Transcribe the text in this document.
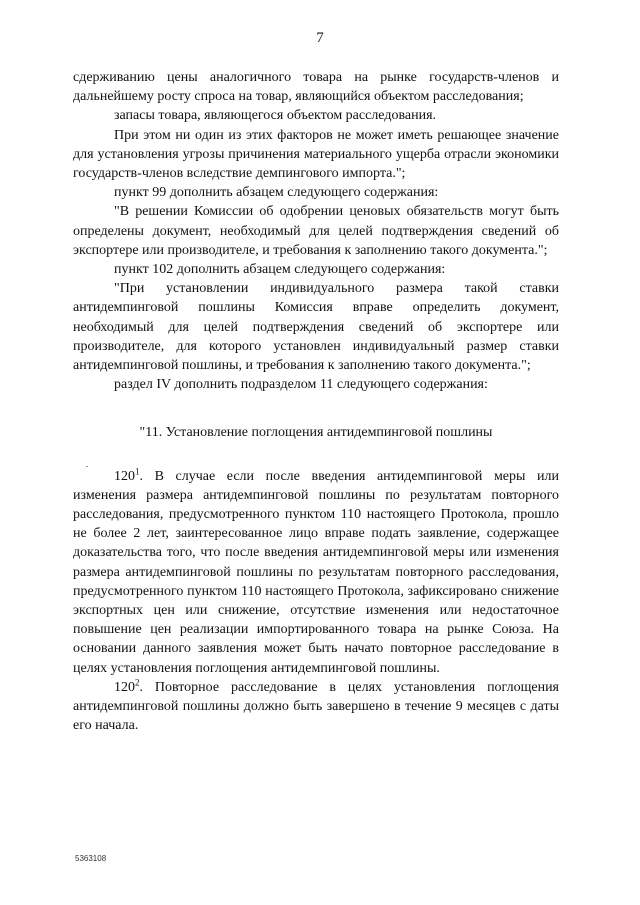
7

сдерживанию цены аналогичного товара на рынке государств-членов и дальнейшему росту спроса на товар, являющийся объектом расследования;

запасы товара, являющегося объектом расследования.

При этом ни один из этих факторов не может иметь решающее значение для установления угрозы причинения материального ущерба отрасли экономики государств-членов вследствие демпингового импорта.";

пункт 99 дополнить абзацем следующего содержания:

"В решении Комиссии об одобрении ценовых обязательств могут быть определены документ, необходимый для целей подтверждения сведений об экспортере или производителе, и требования к заполнению такого документа.";

пункт 102 дополнить абзацем следующего содержания:

"При установлении индивидуального размера такой ставки антидемпинговой пошлины Комиссия вправе определить документ, необходимый для целей подтверждения сведений об экспортере или производителе, для которого установлен индивидуальный размер ставки антидемпинговой пошлины, и требования к заполнению такого документа.";

раздел IV дополнить подразделом 11 следующего содержания:

"11. Установление поглощения антидемпинговой пошлины

$120^1$. В случае если после введения антидемпинговой меры или изменения размера антидемпинговой пошлины по результатам повторного расследования, предусмотренного пунктом 110 настоящего Протокола, прошло не более 2 лет, заинтересованное лицо вправе подать заявление, содержащее доказательства того, что после введения антидемпинговой меры или изменения размера антидемпинговой пошлины по результатам повторного расследования, предусмотренного пунктом 110 настоящего Протокола, зафиксировано снижение экспортных цен или снижение, отсутствие изменения или недостаточное повышение цен реализации импортированного товара на рынке Союза. На основании данного заявления может быть начато повторное расследование в целях установления поглощения антидемпинговой пошлины.

$120^2$. Повторное расследование в целях установления поглощения антидемпинговой пошлины должно быть завершено в течение 9 месяцев с даты его начала.

5363108
